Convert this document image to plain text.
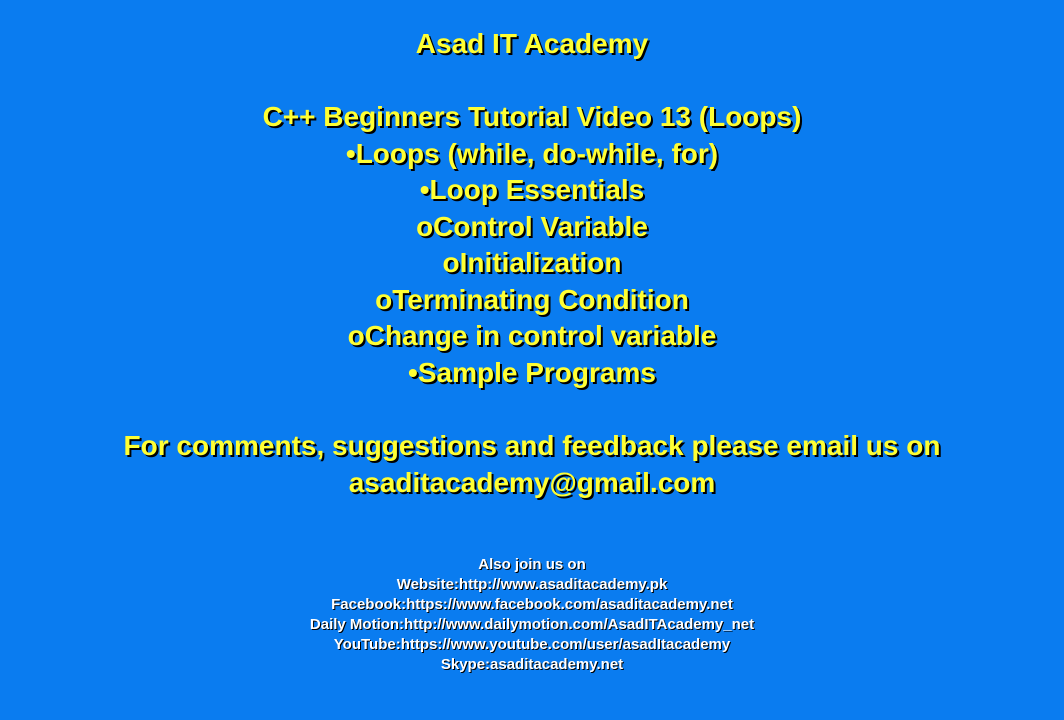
Asad IT Academy
C++ Beginners Tutorial Video 13 (Loops)
•Loops (while, do-while, for)
•Loop Essentials
oControl Variable
oInitialization
oTerminating Condition
oChange in control variable
•Sample Programs
For comments, suggestions and feedback please email us on
asaditacademy@gmail.com
Also join us on
Website:http://www.asaditacademy.pk
Facebook:https://www.facebook.com/asaditacademy.net
Daily Motion:http://www.dailymotion.com/AsadITAcademy_net
YouTube:https://www.youtube.com/user/asadItacademy
Skype:asaditacademy.net
